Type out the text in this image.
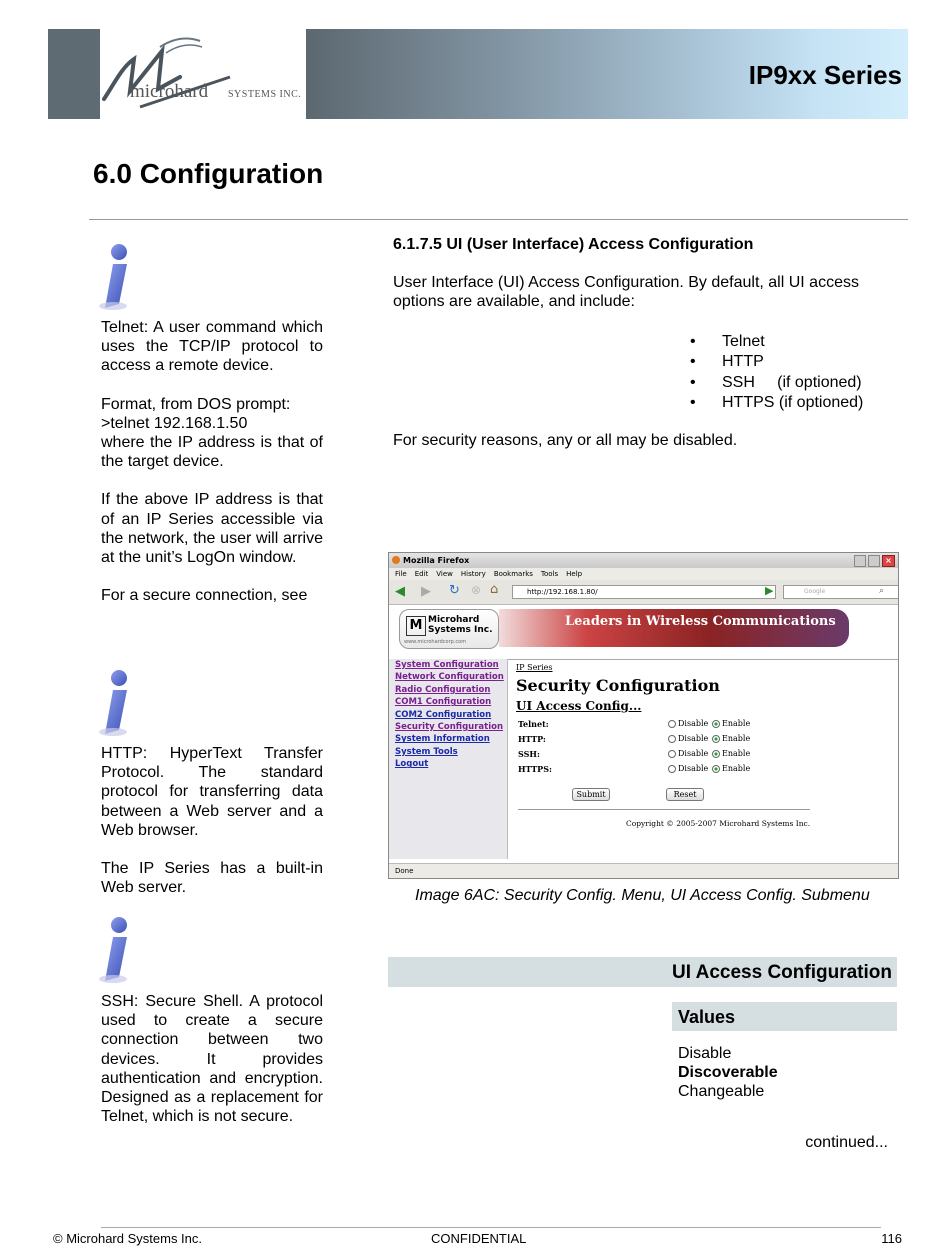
microhard SYSTEMS INC.
IP9xx Series
6.0 Configuration

Telnet: A user command which uses the TCP/IP protocol to access a remote device.

Format, from DOS prompt:
>telnet 192.168.1.50

where the IP address is that of the target device.

If the above IP address is that of an IP Series accessible via the network, the user will arrive at the unit’s LogOn window.

For a secure connection, see

HTTP: HyperText Transfer Protocol. The standard protocol for transferring data between a Web server and a Web browser.

The IP Series has a built-in Web server.

SSH: Secure Shell. A protocol used to create a secure connection between two devices. It provides authentication and encryption. Designed as a replacement for Telnet, which is not secure.

6.1.7.5 UI (User Interface) Access Configuration
User Interface (UI) Access Configuration. By default, all UI access options are available, and include:
• Telnet
• HTTP
• SSH     (if optioned)
• HTTPS (if optioned)
For security reasons, any or all may be disabled.
Mozilla Firefox	×
File Edit View History Bookmarks Tools Help
◀ ▶ ↻ ⊗ ⌂	http://192.168.1.80/	▶	Google	⌕
M Microhard
Systems Inc.
www.microhardcorp.com
Leaders in Wireless Communications
System Configuration
Network Configuration
Radio Configuration
COM1 Configuration
COM2 Configuration
Security Configuration
System Information
System Tools
Logout
IP Series
Security Configuration
UI Access Config...
Telnet:	Disable	Enable
HTTP:	Disable	Enable
SSH:	Disable	Enable
HTTPS:	Disable	Enable
Submit	Reset
Copyright © 2005-2007 Microhard Systems Inc.
Done
Image 6AC: Security Config. Menu, UI Access Config. Submenu
UI Access Configuration
Values
Disable
Discoverable
Changeable
continued...
© Microhard Systems Inc.	CONFIDENTIAL	116
